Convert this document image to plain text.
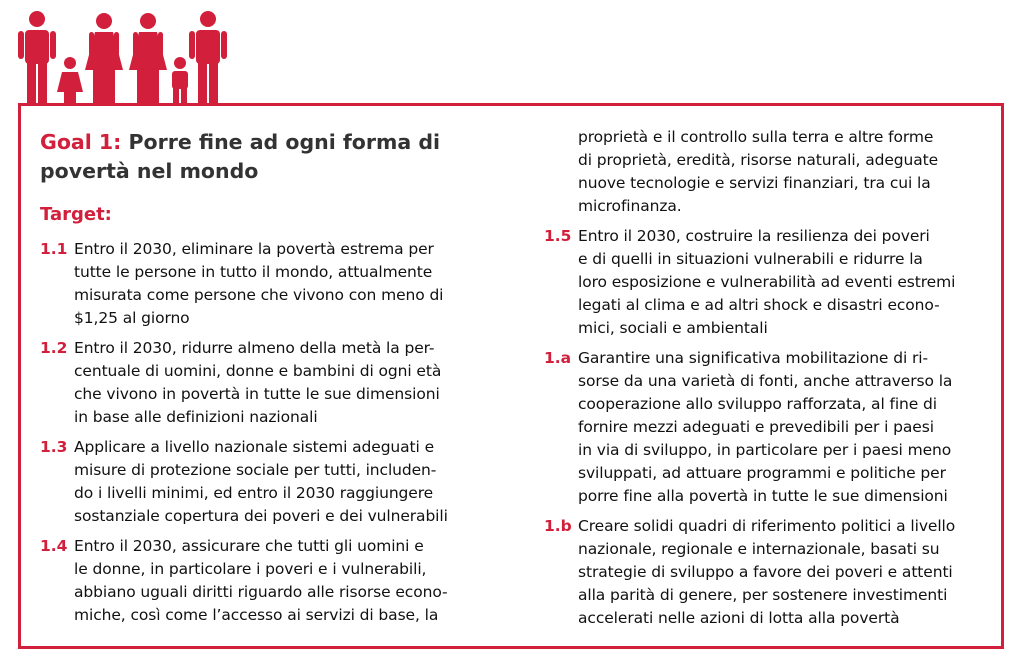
Goal 1: Porre fine ad ogni forma di
povertà nel mondo
Target:
1.1 Entro il 2030, eliminare la povertà estrema per
tutte le persone in tutto il mondo, attualmente
misurata come persone che vivono con meno di
$1,25 al giorno
1.2 Entro il 2030, ridurre almeno della metà la per-
centuale di uomini, donne e bambini di ogni età
che vivono in povertà in tutte le sue dimensioni
in base alle definizioni nazionali
1.3 Applicare a livello nazionale sistemi adeguati e
misure di protezione sociale per tutti, includen-
do i livelli minimi, ed entro il 2030 raggiungere
sostanziale copertura dei poveri e dei vulnerabili
1.4 Entro il 2030, assicurare che tutti gli uomini e
le donne, in particolare i poveri e i vulnerabili,
abbiano uguali diritti riguardo alle risorse econo-
miche, così come l’accesso ai servizi di base, la
proprietà e il controllo sulla terra e altre forme
di proprietà, eredità, risorse naturali, adeguate
nuove tecnologie e servizi finanziari, tra cui la
microfinanza.
1.5 Entro il 2030, costruire la resilienza dei poveri
e di quelli in situazioni vulnerabili e ridurre la
loro esposizione e vulnerabilità ad eventi estremi
legati al clima e ad altri shock e disastri econo-
mici, sociali e ambientali
1.a Garantire una significativa mobilitazione di ri-
sorse da una varietà di fonti, anche attraverso la
cooperazione allo sviluppo rafforzata, al fine di
fornire mezzi adeguati e prevedibili per i paesi
in via di sviluppo, in particolare per i paesi meno
sviluppati, ad attuare programmi e politiche per
porre fine alla povertà in tutte le sue dimensioni
1.b Creare solidi quadri di riferimento politici a livello
nazionale, regionale e internazionale, basati su
strategie di sviluppo a favore dei poveri e attenti
alla parità di genere, per sostenere investimenti
accelerati nelle azioni di lotta alla povertà
